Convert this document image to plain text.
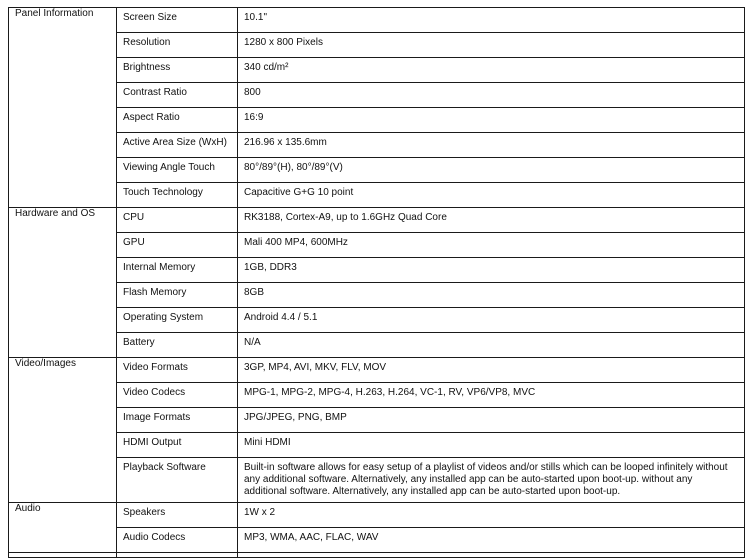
Panel Information	Screen Size	10.1"
	Resolution	1280 x 800 Pixels
	Brightness	340 cd/m²
	Contrast Ratio	800
	Aspect Ratio	16:9
	Active Area Size (WxH)	216.96 x 135.6mm
	Viewing Angle Touch	80°/89°(H), 80°/89°(V)
	Touch Technology	Capacitive G+G 10 point
Hardware and OS	CPU	RK3188, Cortex-A9, up to 1.6GHz Quad Core
	GPU	Mali 400 MP4, 600MHz
	Internal Memory	1GB, DDR3
	Flash Memory	8GB
	Operating System	Android 4.4 / 5.1
	Battery	N/A
Video/Images	Video Formats	3GP, MP4, AVI, MKV, FLV, MOV
	Video Codecs	MPG-1, MPG-2, MPG-4, H.263, H.264, VC-1, RV, VP6/VP8, MVC
	Image Formats	JPG/JPEG, PNG, BMP
	HDMI Output	Mini HDMI
	Playback Software	Built-in software allows for easy setup of a playlist of videos and/or stills which can be looped infinitely without any additional software. Alternatively, any installed app can be auto-started upon boot-up. without any additional software. Alternatively, any installed app can be auto-started upon boot-up.
Audio	Speakers	1W x 2
	Audio Codecs	MP3, WMA, AAC, FLAC, WAV
